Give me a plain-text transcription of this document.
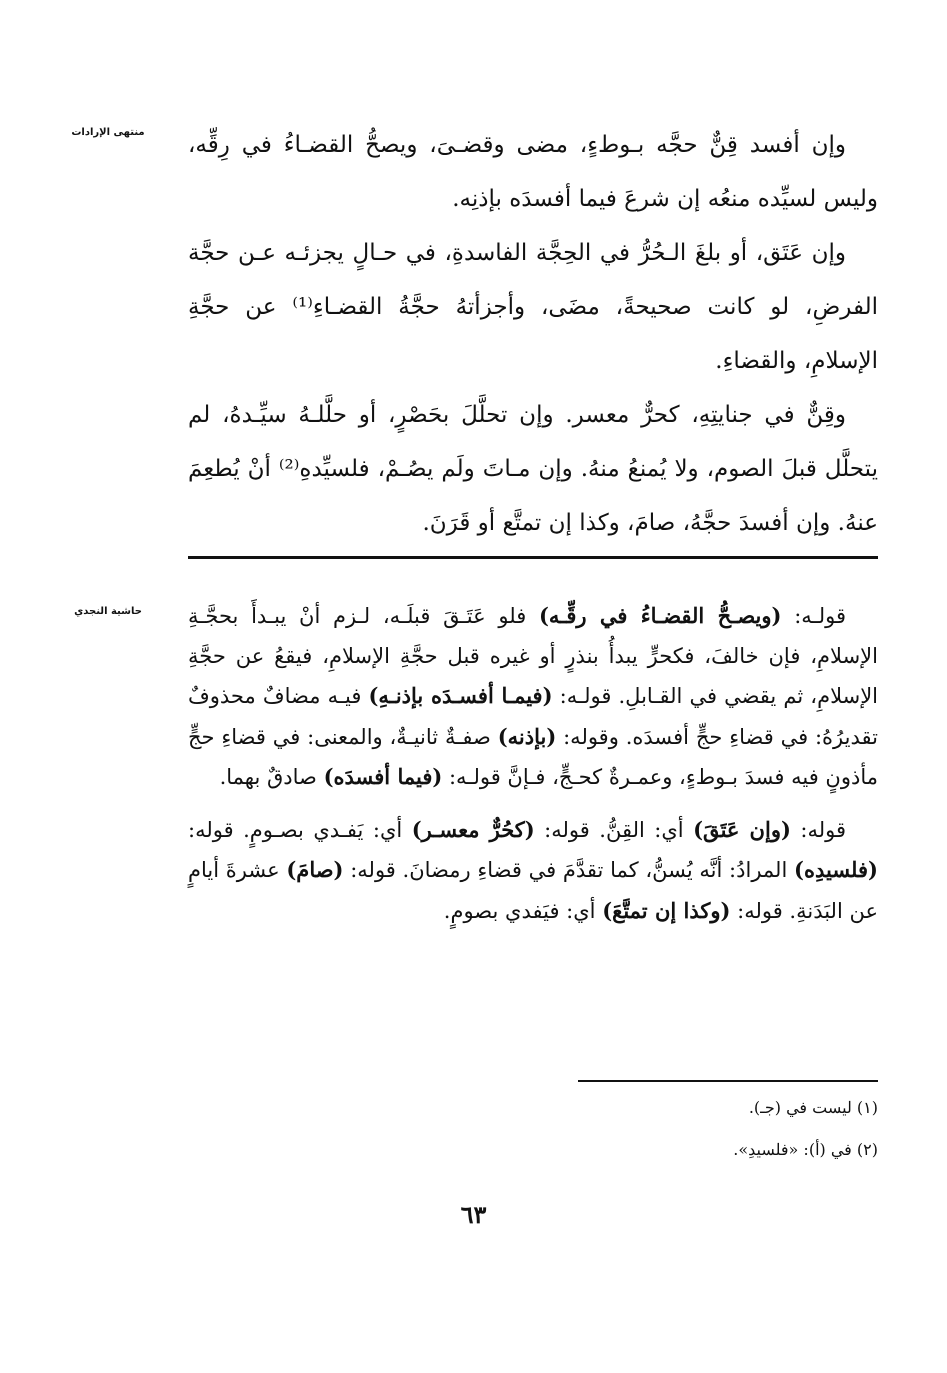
منتهى الإرادات
حاشية النجدي

وإن أفسد قِنٌّ حجَّه بـوطءٍ، مضى وقضـىَ، ويصحُّ القضـاءُ في رِقِّه، وليس لسيِّده منعُه إن شرعَ فيما أفسدَه بإذنِه.

وإن عَتَق، أو بلغَ الـحُرُّ في الحِجَّة الفاسدةِ، في حـالٍ يجزئـه عـن حجَّة الفرضِ، لو كانت صحيحةً، مضَى، وأجزأتهُ حجَّةُ القضـاءِ⁽¹⁾ عن حجَّةِ الإسلامِ، والقضاءِ.

وقِنٌّ في جنايتِهِ، كحرٌّ معسر. وإن تحلَّلَ بحَصْرٍ، أو حلَّلـهُ سيِّـدهُ، لم يتحلَّل قبلَ الصوم، ولا يُمنعُ منهُ. وإن مـاتَ ولَم يصُـمْ، فلسيِّدهِ⁽²⁾ أنْ يُطعِمَ عنهُ. وإن أفسدَ حجَّهُ، صامَ، وكذا إن تمتَّع أو قَرَنَ.

قولـه: (ويصـحُّ القضـاءُ في رقِّـه) فلو عَتَـقَ قبلَـه، لـزم أنْ يبـدأَ بحجَّـةِ الإسلامِ، فإن خالفَ، فكحرٍّ يبدأُ بنذرٍ أو غيره قبل حجَّةِ الإسلامِ، فيقعُ عن حجَّةِ الإسلامِ، ثم يقضي في القـابلِ. قولـه: (فيمـا أفسـدَه بإذنـهِ) فيـه مضافٌ محذوفٌ تقديرُهُ: في قضاءِ حجٍّ أفسدَه. وقوله: (بإذنه) صفـةٌ ثانيـةٌ، والمعنى: في قضاءِ حجٍّ مأذونٍ فيه فسدَ بـوطءٍ، وعمـرةٌ كحـجٍّ، فـإنَّ قولـه: (فيما أفسدَه) صادقٌ بهما.

قوله: (وإن عَتَقَ) أي: القِنُّ. قوله: (كحُرٌّ معسـر) أي: يَفـدي بصـومٍ. قوله: (فلسيدِه) المرادُ: أنَّه يُسنُّ، كما تقدَّمَ في قضاءِ رمضانَ. قوله: (صامَ) عشرةَ أيامٍ عن البَدَنةِ. قوله: (وكذا إن تمتَّعَ) أي: فيَفدي بصومٍ.

(١) ليست في (جـ).
(٢) في (أ): «فلسيدِ».
٦٣
